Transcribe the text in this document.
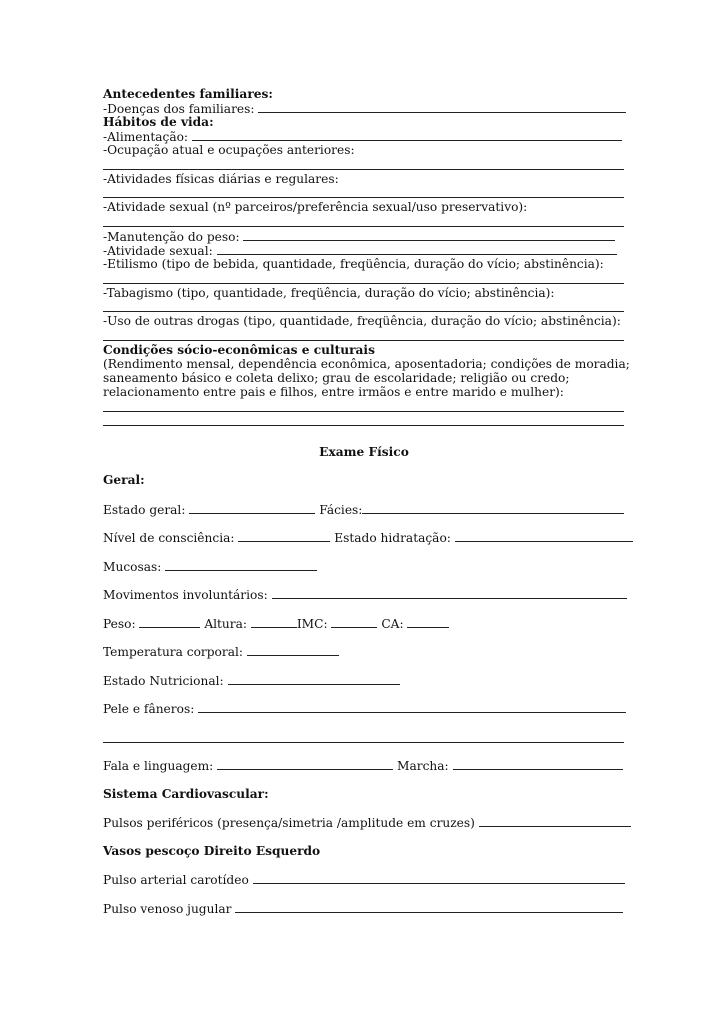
Antecedentes familiares:
-Doenças dos familiares:
Hábitos de vida:
-Alimentação:
-Ocupação atual e ocupações anteriores:
-Atividades físicas diárias e regulares:
-Atividade sexual (nº parceiros/preferência sexual/uso preservativo):
-Manutenção do peso:
-Atividade sexual:
-Etilismo (tipo de bebida, quantidade, freqüência, duração do vício; abstinência):
-Tabagismo (tipo, quantidade, freqüência, duração do vício; abstinência):
-Uso de outras drogas (tipo, quantidade, freqüência, duração do vício; abstinência):
Condições sócio-econômicas e culturais
(Rendimento mensal, dependência econômica, aposentadoria; condições de moradia;
saneamento básico e coleta delixo; grau de escolaridade; religião ou credo;
relacionamento entre pais e filhos, entre irmãos e entre marido e mulher):
Exame Físico
Geral:
Estado geral:	Fácies:
Nível de consciência:	Estado hidratação:
Mucosas:
Movimentos involuntários:
Peso:	Altura:	IMC:	CA:
Temperatura corporal:
Estado Nutricional:
Pele e fâneros:
Fala e linguagem:	Marcha:
Sistema Cardiovascular:
Pulsos periféricos (presença/simetria /amplitude em cruzes)
Vasos pescoço Direito Esquerdo
Pulso arterial carotídeo
Pulso venoso jugular
